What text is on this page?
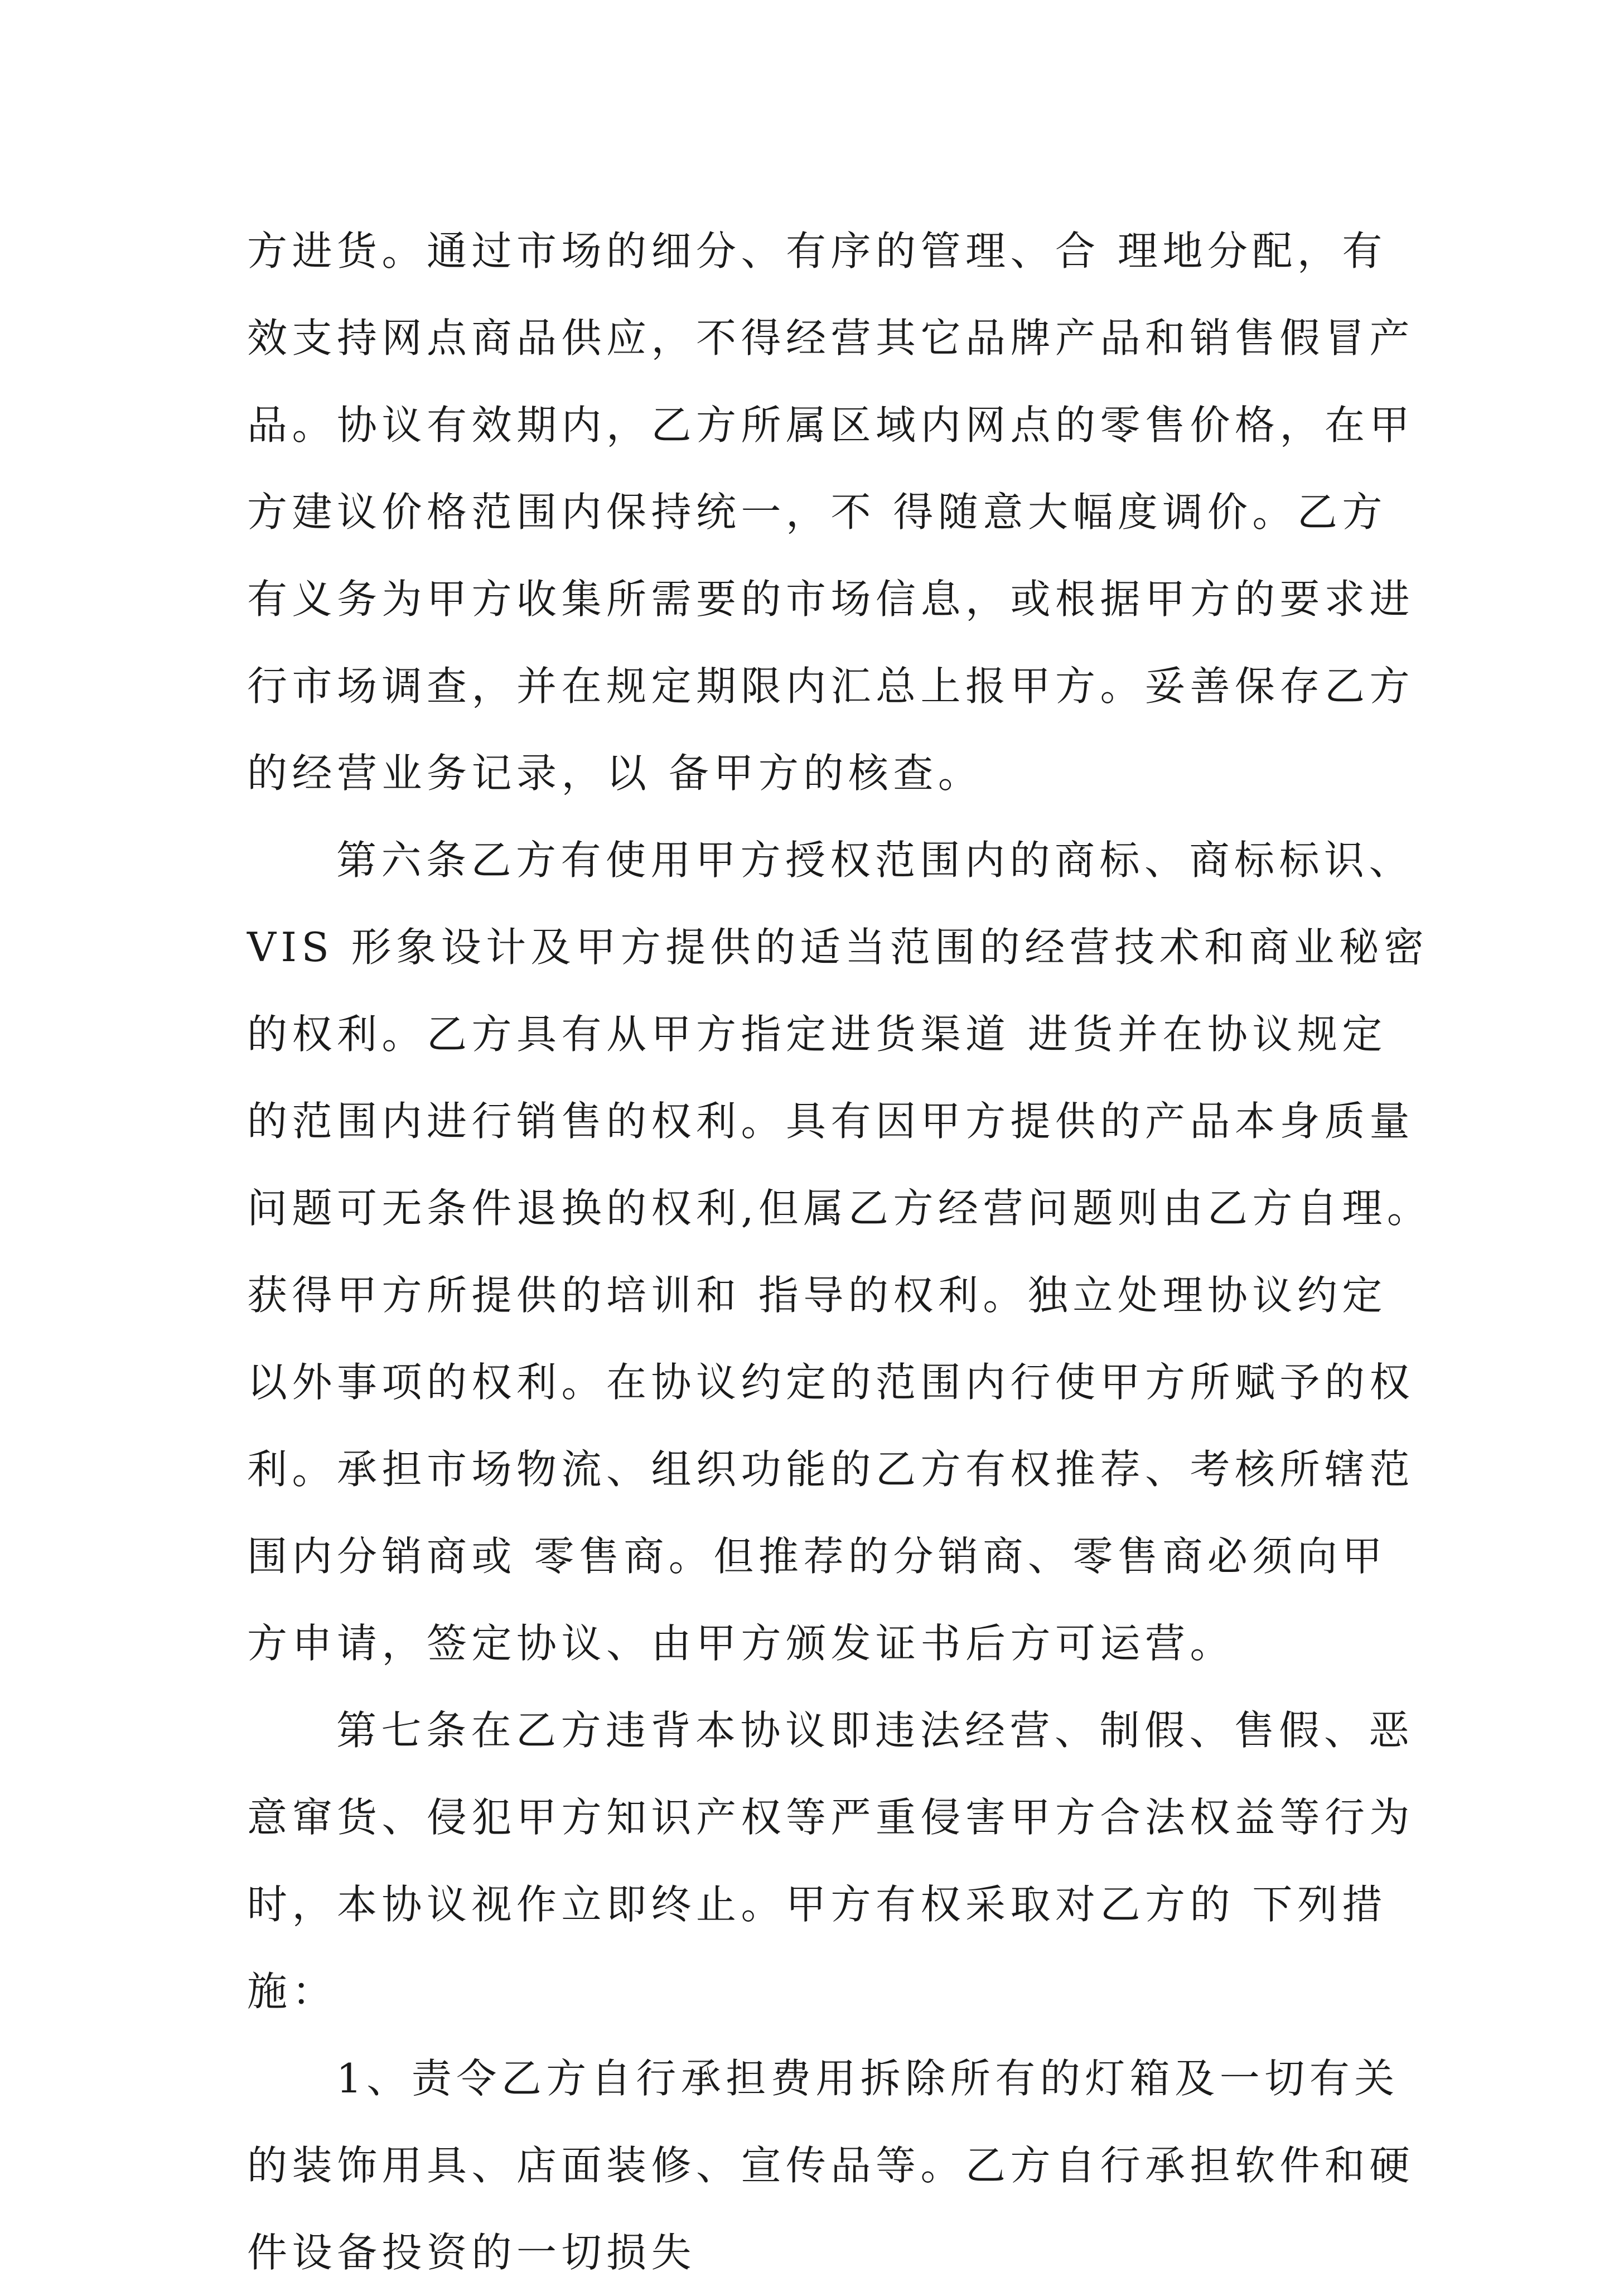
方进货。通过市场的细分、有序的管理、合 理地分配，有
效支持网点商品供应，不得经营其它品牌产品和销售假冒产
品。协议有效期内，乙方所属区域内网点的零售价格，在甲
方建议价格范围内保持统一，不 得随意大幅度调价。乙方
有义务为甲方收集所需要的市场信息，或根据甲方的要求进
行市场调查，并在规定期限内汇总上报甲方。妥善保存乙方
的经营业务记录，以 备甲方的核查。
第六条乙方有使用甲方授权范围内的商标、商标标识、
VIS 形象设计及甲方提供的适当范围的经营技术和商业秘密
的权利。乙方具有从甲方指定进货渠道 进货并在协议规定
的范围内进行销售的权利。具有因甲方提供的产品本身质量
问题可无条件退换的权利,但属乙方经营问题则由乙方自理。
获得甲方所提供的培训和 指导的权利。独立处理协议约定
以外事项的权利。在协议约定的范围内行使甲方所赋予的权
利。承担市场物流、组织功能的乙方有权推荐、考核所辖范
围内分销商或 零售商。但推荐的分销商、零售商必须向甲
方申请，签定协议、由甲方颁发证书后方可运营。
第七条在乙方违背本协议即违法经营、制假、售假、恶
意窜货、侵犯甲方知识产权等严重侵害甲方合法权益等行为
时，本协议视作立即终止。甲方有权采取对乙方的 下列措
施：
1、责令乙方自行承担费用拆除所有的灯箱及一切有关
的装饰用具、店面装修、宣传品等。乙方自行承担软件和硬
件设备投资的一切损失
